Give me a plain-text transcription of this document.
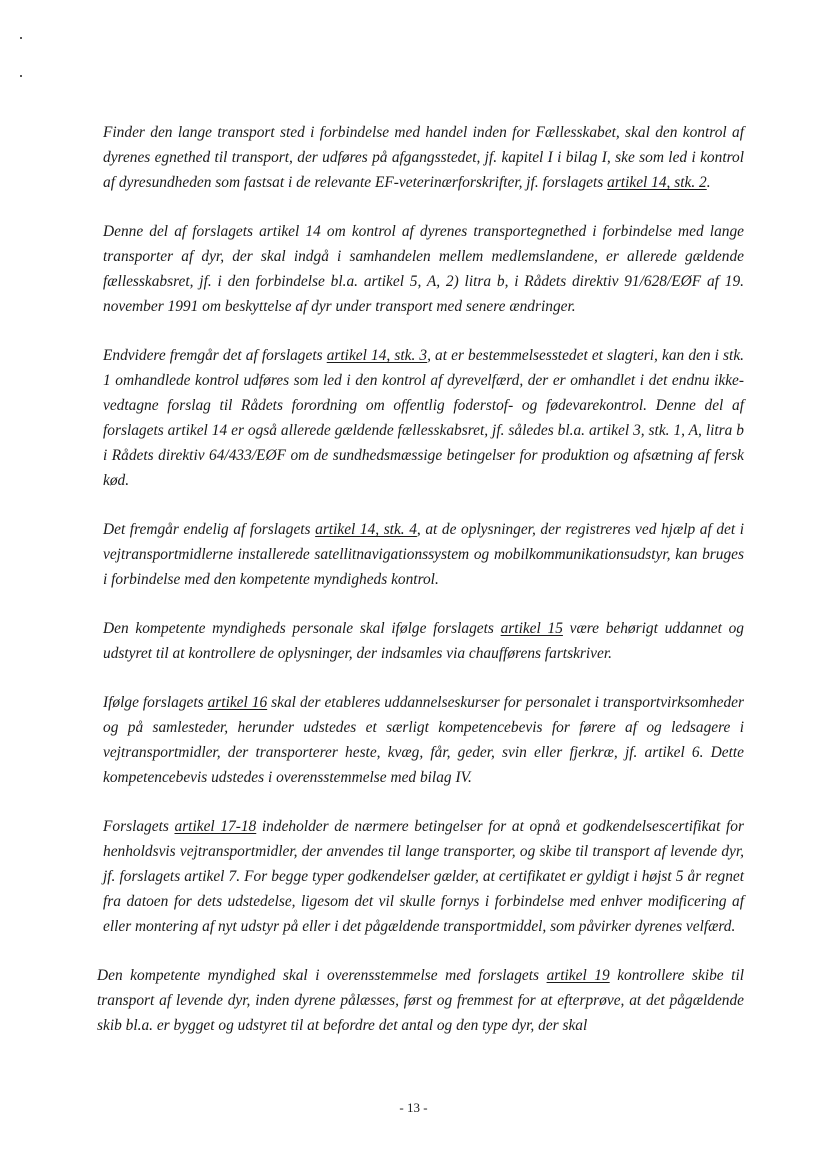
Finder den lange transport sted i forbindelse med handel inden for Fællesskabet, skal den kontrol af dyrenes egnethed til transport, der udføres på afgangsstedet, jf. kapitel I i bilag I, ske som led i kontrol af dyresundheden som fastsat i de relevante EF-veterinærforskrifter, jf. forslagets artikel 14, stk. 2.

Denne del af forslagets artikel 14 om kontrol af dyrenes transportegnethed i forbindelse med lange transporter af dyr, der skal indgå i samhandelen mellem medlemslandene, er allerede gældende fællesskabsret, jf. i den forbindelse bl.a. artikel 5, A, 2) litra b, i Rådets direktiv 91/628/EØF af 19. november 1991 om beskyttelse af dyr under transport med senere ændringer.

Endvidere fremgår det af forslagets artikel 14, stk. 3, at er bestemmelsesstedet et slagteri, kan den i stk. 1 omhandlede kontrol udføres som led i den kontrol af dyrevelfærd, der er omhandlet i det endnu ikke-vedtagne forslag til Rådets forordning om offentlig foderstof- og fødevarekontrol. Denne del af forslagets artikel 14 er også allerede gældende fællesskabsret, jf. således bl.a. artikel 3, stk. 1, A, litra b i Rådets direktiv 64/433/EØF om de sundhedsmæssige betingelser for produktion og afsætning af fersk kød.

Det fremgår endelig af forslagets artikel 14, stk. 4, at de oplysninger, der registreres ved hjælp af det i vejtransportmidlerne installerede satellitnavigationssystem og mobilkommunikationsudstyr, kan bruges i forbindelse med den kompetente myndigheds kontrol.

Den kompetente myndigheds personale skal ifølge forslagets artikel 15 være behørigt uddannet og udstyret til at kontrollere de oplysninger, der indsamles via chaufførens fartskriver.

Ifølge forslagets artikel 16 skal der etableres uddannelseskurser for personalet i transportvirksomheder og på samlesteder, herunder udstedes et særligt kompetencebevis for førere af og ledsagere i vejtransportmidler, der transporterer heste, kvæg, får, geder, svin eller fjerkræ, jf. artikel 6. Dette kompetencebevis udstedes i overensstemmelse med bilag IV.

Forslagets artikel 17-18 indeholder de nærmere betingelser for at opnå et godkendelsescertifikat for henholdsvis vejtransportmidler, der anvendes til lange transporter, og skibe til transport af levende dyr, jf. forslagets artikel 7. For begge typer godkendelser gælder, at certifikatet er gyldigt i højst 5 år regnet fra datoen for dets udstedelse, ligesom det vil skulle fornys i forbindelse med enhver modificering af eller montering af nyt udstyr på eller i det pågældende transportmiddel, som påvirker dyrenes velfærd.

Den kompetente myndighed skal i overensstemmelse med forslagets artikel 19 kontrollere skibe til transport af levende dyr, inden dyrene pålæsses, først og fremmest for at efterprøve, at det pågældende skib bl.a. er bygget og udstyret til at befordre det antal og den type dyr, der skal

- 13 -
